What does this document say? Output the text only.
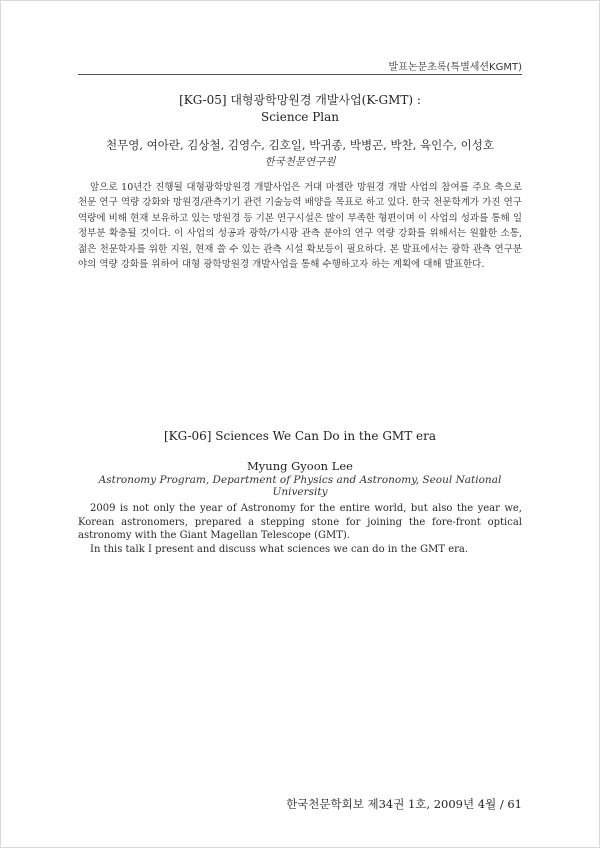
발표논문초록(특별세션KGMT)
[KG-05] 대형광학망원경 개발사업(K-GMT) :
Science Plan
천무영, 여아란, 김상철, 김영수, 김호일, 박귀종, 박병곤, 박찬, 육인수, 이성호
한국천문연구원

앞으로 10년간 진행될 대형광학망원경 개발사업은 거대 마젤란 망원경 개발 사업의 참여를 주요 축으로 천문 연구 역량 강화와 망원경/관측기기 관련 기술능력 배양을 목표로 하고 있다. 한국 천문학계가 가진 연구 역량에 비해 현재 보유하고 있는 망원경 등 기본 연구시설은 많이 부족한 형편이며 이 사업의 성과를 통해 일정부분 확충될 것이다. 이 사업의 성공과 광학/가시광 관측 분야의 연구 역량 강화를 위해서는 원활한 소통, 젊은 천문학자를 위한 지원, 현재 쓸 수 있는 관측 시설 확보등이 필요하다. 본 발표에서는 광학 관측 연구분야의 역량 강화를 위하여 대형 광학망원경 개발사업을 통해 수행하고자 하는 계획에 대해 발표한다.

[KG-06] Sciences We Can Do in the GMT era
Myung Gyoon Lee
Astronomy Program, Department of Physics and Astronomy, Seoul National University

2009 is not only the year of Astronomy for the entire world, but also the year we, Korean astronomers, prepared a stepping stone for joining the fore-front optical astronomy with the Giant Magellan Telescope (GMT).

In this talk I present and discuss what sciences we can do in the GMT era.

한국천문학회보 제34권 1호, 2009년 4월 / 61
